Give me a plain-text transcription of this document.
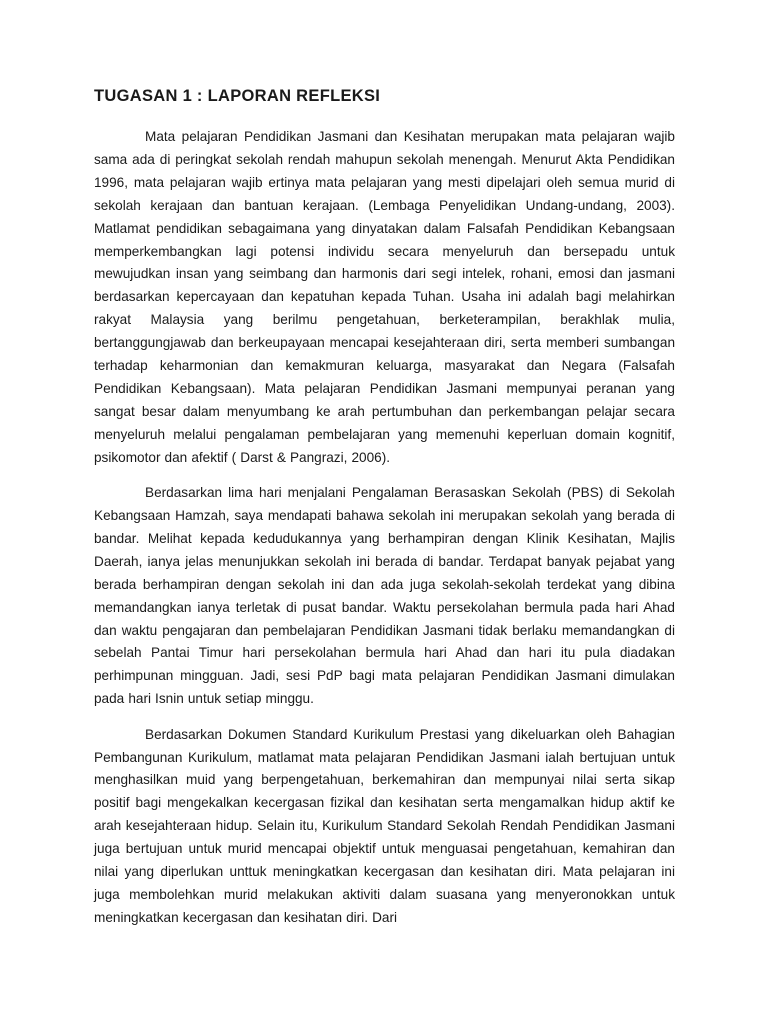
TUGASAN 1 : LAPORAN REFLEKSI

Mata pelajaran Pendidikan Jasmani dan Kesihatan merupakan mata pelajaran wajib sama ada di peringkat sekolah rendah mahupun sekolah menengah. Menurut Akta Pendidikan 1996, mata pelajaran wajib ertinya mata pelajaran yang mesti dipelajari oleh semua murid di sekolah kerajaan dan bantuan kerajaan. (Lembaga Penyelidikan Undang-undang, 2003). Matlamat pendidikan sebagaimana yang dinyatakan dalam Falsafah Pendidikan Kebangsaan memperkembangkan lagi potensi individu secara menyeluruh dan bersepadu untuk mewujudkan insan yang seimbang dan harmonis dari segi intelek, rohani, emosi dan jasmani berdasarkan kepercayaan dan kepatuhan kepada Tuhan. Usaha ini adalah bagi melahirkan rakyat Malaysia yang berilmu pengetahuan, berketerampilan, berakhlak mulia, bertanggungjawab dan berkeupayaan mencapai kesejahteraan diri, serta memberi sumbangan terhadap keharmonian dan kemakmuran keluarga, masyarakat dan Negara (Falsafah Pendidikan Kebangsaan). Mata pelajaran Pendidikan Jasmani mempunyai peranan yang sangat besar dalam menyumbang ke arah pertumbuhan dan perkembangan pelajar secara menyeluruh melalui pengalaman pembelajaran yang memenuhi keperluan domain kognitif, psikomotor dan afektif ( Darst & Pangrazi, 2006).

Berdasarkan lima hari menjalani Pengalaman Berasaskan Sekolah (PBS) di Sekolah Kebangsaan Hamzah, saya mendapati bahawa sekolah ini merupakan sekolah yang berada di bandar. Melihat kepada kedudukannya yang berhampiran dengan Klinik Kesihatan, Majlis Daerah, ianya jelas menunjukkan sekolah ini berada di bandar. Terdapat banyak pejabat yang berada berhampiran dengan sekolah ini dan ada juga sekolah-sekolah terdekat yang dibina memandangkan ianya terletak di pusat bandar. Waktu persekolahan bermula pada hari Ahad dan waktu pengajaran dan pembelajaran Pendidikan Jasmani tidak berlaku memandangkan di sebelah Pantai Timur hari persekolahan bermula hari Ahad dan hari itu pula diadakan perhimpunan mingguan. Jadi, sesi PdP bagi mata pelajaran Pendidikan Jasmani dimulakan pada hari Isnin untuk setiap minggu.

Berdasarkan Dokumen Standard Kurikulum Prestasi yang dikeluarkan oleh Bahagian Pembangunan Kurikulum, matlamat mata pelajaran Pendidikan Jasmani ialah bertujuan untuk menghasilkan muid yang berpengetahuan, berkemahiran dan mempunyai nilai serta sikap positif bagi mengekalkan kecergasan fizikal dan kesihatan serta mengamalkan hidup aktif ke arah kesejahteraan hidup. Selain itu, Kurikulum Standard Sekolah Rendah Pendidikan Jasmani juga bertujuan untuk murid mencapai objektif untuk menguasai pengetahuan, kemahiran dan nilai yang diperlukan unttuk meningkatkan kecergasan dan kesihatan diri. Mata pelajaran ini juga membolehkan murid melakukan aktiviti dalam suasana yang menyeronokkan untuk meningkatkan kecergasan dan kesihatan diri. Dari
